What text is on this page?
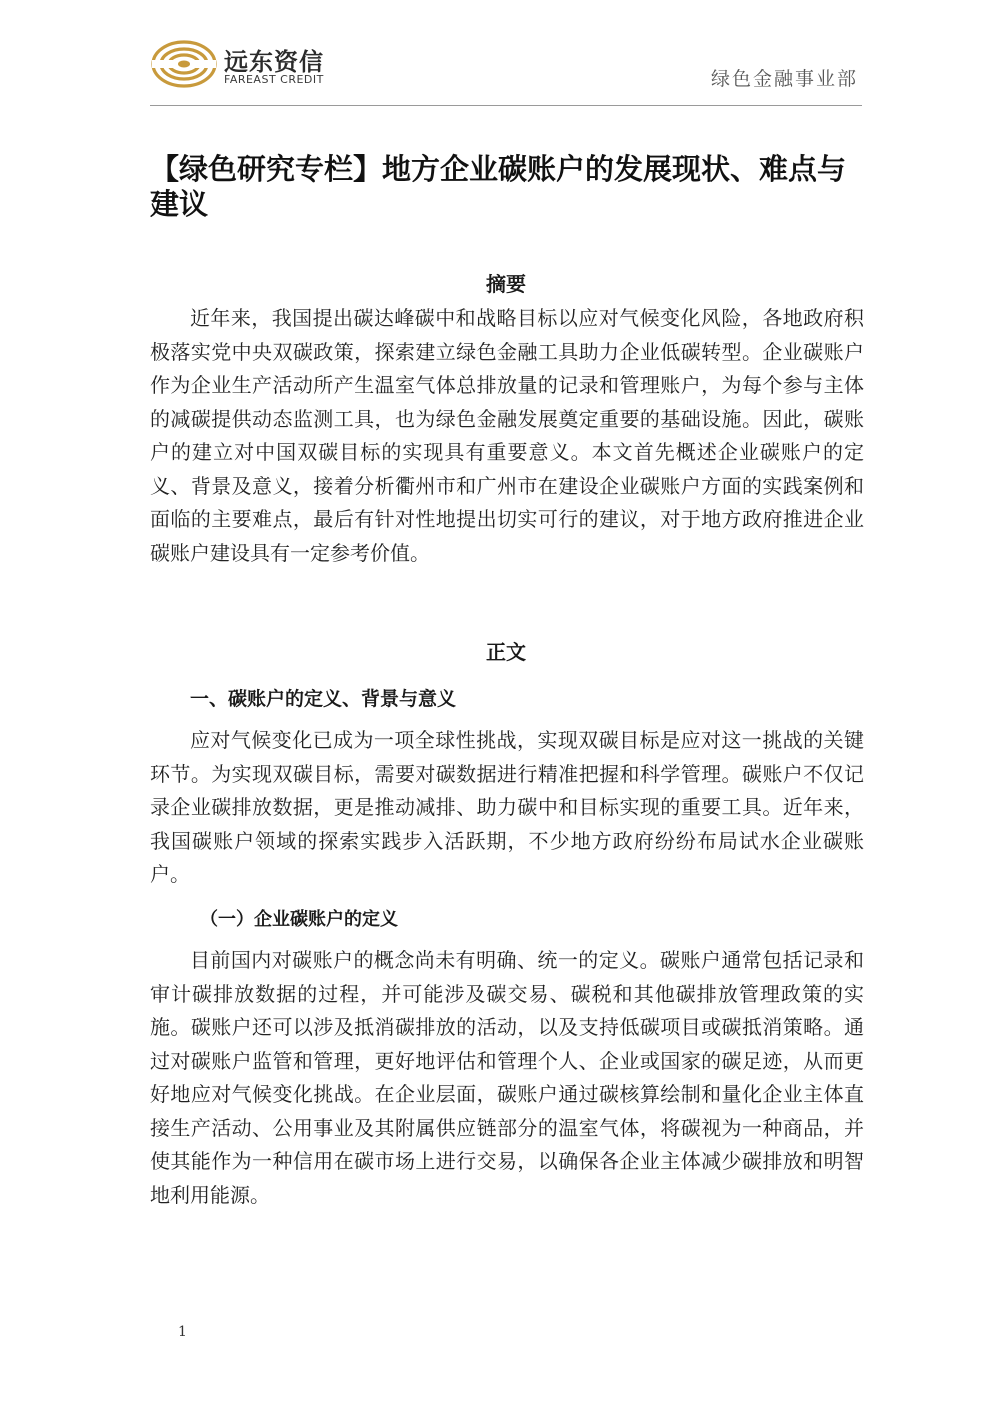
远东资信
FAREAST CREDIT	绿色金融事业部
【绿色研究专栏】地方企业碳账户的发展现状、难点与建议
摘要

近年来，我国提出碳达峰碳中和战略目标以应对气候变化风险，各地政府积极落实党中央双碳政策，探索建立绿色金融工具助力企业低碳转型。企业碳账户作为企业生产活动所产生温室气体总排放量的记录和管理账户，为每个参与主体的减碳提供动态监测工具，也为绿色金融发展奠定重要的基础设施。因此，碳账户的建立对中国双碳目标的实现具有重要意义。本文首先概述企业碳账户的定义、背景及意义，接着分析衢州市和广州市在建设企业碳账户方面的实践案例和面临的主要难点，最后有针对性地提出切实可行的建议，对于地方政府推进企业碳账户建设具有一定参考价值。

正文
一、碳账户的定义、背景与意义

应对气候变化已成为一项全球性挑战，实现双碳目标是应对这一挑战的关键环节。为实现双碳目标，需要对碳数据进行精准把握和科学管理。碳账户不仅记录企业碳排放数据，更是推动减排、助力碳中和目标实现的重要工具。近年来，我国碳账户领域的探索实践步入活跃期，不少地方政府纷纷布局试水企业碳账户。

（一）企业碳账户的定义

目前国内对碳账户的概念尚未有明确、统一的定义。碳账户通常包括记录和审计碳排放数据的过程，并可能涉及碳交易、碳税和其他碳排放管理政策的实施。碳账户还可以涉及抵消碳排放的活动，以及支持低碳项目或碳抵消策略。通过对碳账户监管和管理，更好地评估和管理个人、企业或国家的碳足迹，从而更好地应对气候变化挑战。在企业层面，碳账户通过碳核算绘制和量化企业主体直接生产活动、公用事业及其附属供应链部分的温室气体，将碳视为一种商品，并使其能作为一种信用在碳市场上进行交易，以确保各企业主体减少碳排放和明智地利用能源。

1
